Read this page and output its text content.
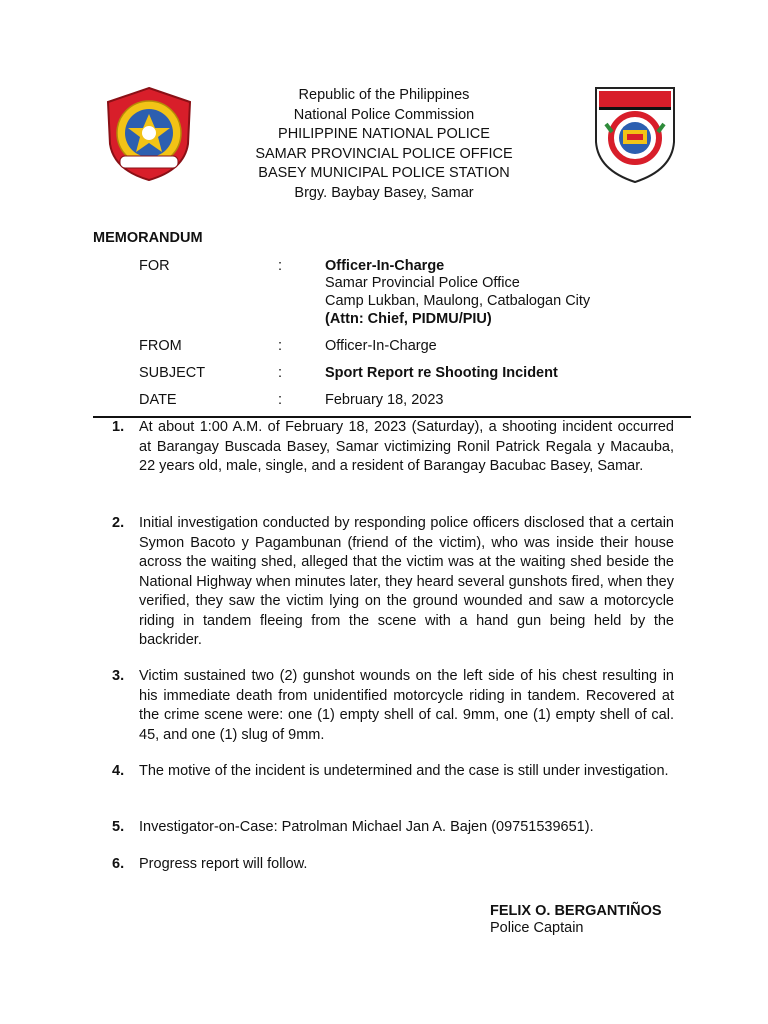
Republic of the Philippines
National Police Commission
PHILIPPINE NATIONAL POLICE
SAMAR PROVINCIAL POLICE OFFICE
BASEY MUNICIPAL POLICE STATION
Brgy. Baybay Basey, Samar
MEMORANDUM
FOR	:	Officer-In-Charge
Samar Provincial Police Office
Camp Lukban, Maulong, Catbalogan City
(Attn: Chief, PIDMU/PIU)
FROM	:	Officer-In-Charge
SUBJECT	:	Sport Report re Shooting Incident
DATE	:	February 18, 2023
1. At about 1:00 A.M. of February 18, 2023 (Saturday), a shooting incident occurred at Barangay Buscada Basey, Samar victimizing Ronil Patrick Regala y Macauba, 22 years old, male, single, and a resident of Barangay Bacubac Basey, Samar.
2. Initial investigation conducted by responding police officers disclosed that a certain Symon Bacoto y Pagambunan (friend of the victim), who was inside their house across the waiting shed, alleged that the victim was at the waiting shed beside the National Highway when minutes later, they heard several gunshots fired, when they verified, they saw the victim lying on the ground wounded and saw a motorcycle riding in tandem fleeing from the scene with a hand gun being held by the backrider.
3. Victim sustained two (2) gunshot wounds on the left side of his chest resulting in his immediate death from unidentified motorcycle riding in tandem. Recovered at the crime scene were: one (1) empty shell of cal. 9mm, one (1) empty shell of cal. 45, and one (1) slug of 9mm.
4. The motive of the incident is undetermined and the case is still under investigation.
5. Investigator-on-Case: Patrolman Michael Jan A. Bajen (09751539651).
6. Progress report will follow.
FELIX O. BERGANTIÑOS
Police Captain
